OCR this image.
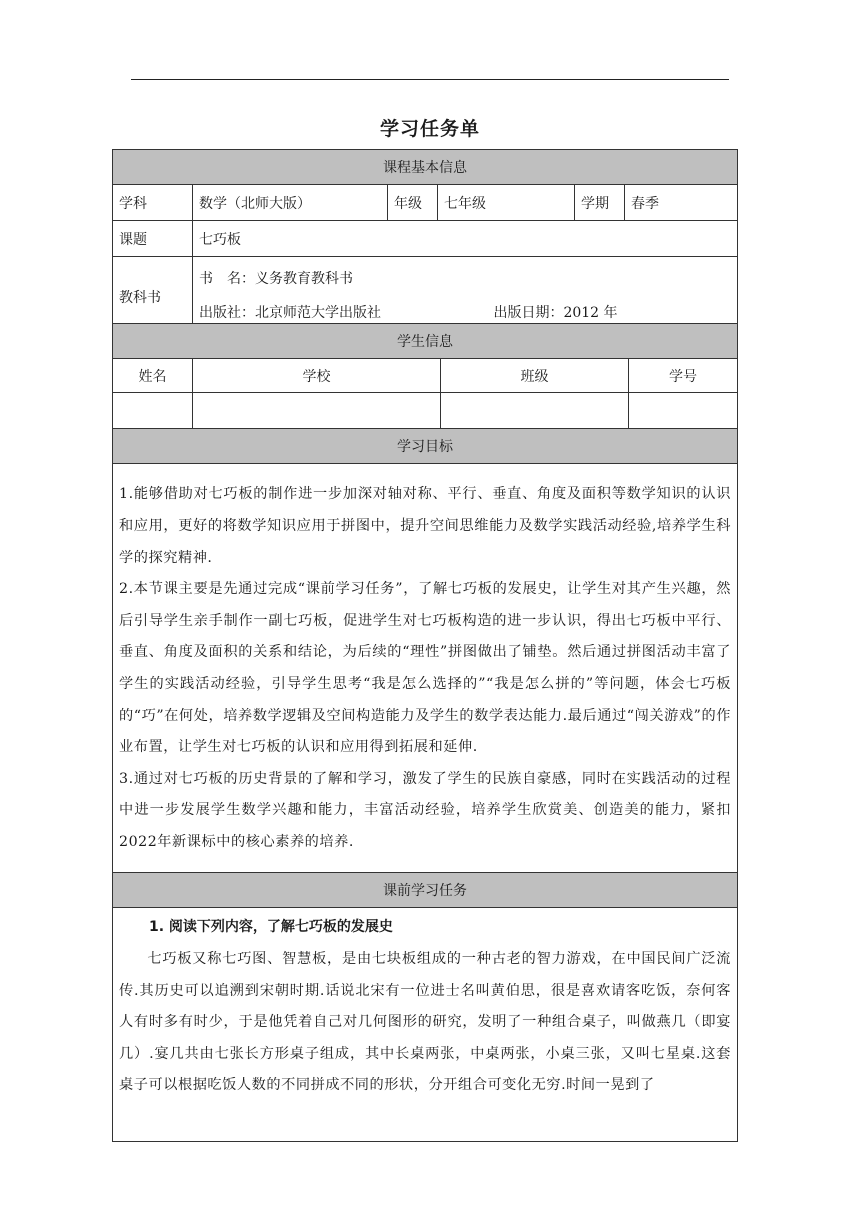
学习任务单
课程基本信息					
学科	数学（北师大版）	年级	七年级	学期	春季
课题	七巧板				
教科书	书　名：义务教育教科书
出版社：北京师范大学出版社 出版日期：2012 年				
学生信息			
姓名	学校	班级	学号

学习目标			

1.能够借助对七巧板的制作进一步加深对轴对称、平行、垂直、角度及面积等数学知识的认识和应用，更好的将数学知识应用于拼图中，提升空间思维能力及数学实践活动经验,培养学生科学的探究精神.

2.本节课主要是先通过完成“课前学习任务”，了解七巧板的发展史，让学生对其产生兴趣，然后引导学生亲手制作一副七巧板，促进学生对七巧板构造的进一步认识，得出七巧板中平行、垂直、角度及面积的关系和结论，为后续的“理性”拼图做出了铺垫。然后通过拼图活动丰富了学生的实践活动经验，引导学生思考“我是怎么选择的”“我是怎么拼的”等问题，体会七巧板的“巧”在何处，培养数学逻辑及空间构造能力及学生的数学表达能力.最后通过“闯关游戏”的作业布置，让学生对七巧板的认识和应用得到拓展和延伸.

3.通过对七巧板的历史背景的了解和学习，激发了学生的民族自豪感，同时在实践活动的过程中进一步发展学生数学兴趣和能力，丰富活动经验，培养学生欣赏美、创造美的能力，紧扣2022年新课标中的核心素养的培养.			

课前学习任务			

1. 阅读下列内容，了解七巧板的发展史

七巧板又称七巧图、智慧板，是由七块板组成的一种古老的智力游戏，在中国民间广泛流传.其历史可以追溯到宋朝时期.话说北宋有一位进士名叫黄伯思，很是喜欢请客吃饭，奈何客人有时多有时少，于是他凭着自己对几何图形的研究，发明了一种组合桌子，叫做燕几（即宴几）.宴几共由七张长方形桌子组成，其中长桌两张，中桌两张，小桌三张，又叫七星桌.这套桌子可以根据吃饭人数的不同拼成不同的形状，分开组合可变化无穷.时间一晃到了			
